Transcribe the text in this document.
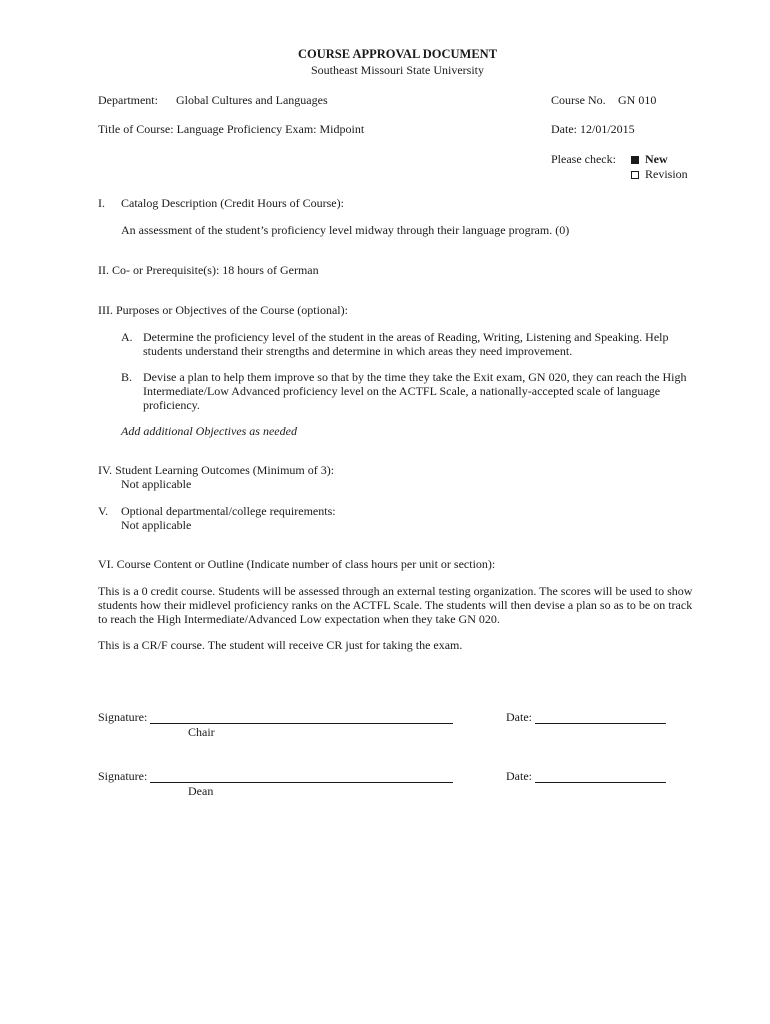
COURSE APPROVAL DOCUMENT
Southeast Missouri State University
Department: Global Cultures and Languages	Course No. GN 010
Title of Course: Language Proficiency Exam: Midpoint	Date: 12/01/2015
Please check:	New
Revision
I. Catalog Description (Credit Hours of Course):
An assessment of the student’s proficiency level midway through their language program. (0)
II. Co- or Prerequisite(s): 18 hours of German
III. Purposes or Objectives of the Course (optional):
A. Determine the proficiency level of the student in the areas of Reading, Writing, Listening and Speaking. Help students understand their strengths and determine in which areas they need improvement.
B. Devise a plan to help them improve so that by the time they take the Exit exam, GN 020, they can reach the High Intermediate/Low Advanced proficiency level on the ACTFL Scale, a nationally-accepted scale of language proficiency.
Add additional Objectives as needed
IV. Student Learning Outcomes (Minimum of 3):
Not applicable
V. Optional departmental/college requirements:
Not applicable
VI. Course Content or Outline (Indicate number of class hours per unit or section):
This is a 0 credit course. Students will be assessed through an external testing organization. The scores will be used to show students how their midlevel proficiency ranks on the ACTFL Scale. The students will then devise a plan so as to be on track to reach the High Intermediate/Advanced Low expectation when they take GN 020.
This is a CR/F course. The student will receive CR just for taking the exam.
Signature:
Chair
Date:
Signature:
Dean
Date:
